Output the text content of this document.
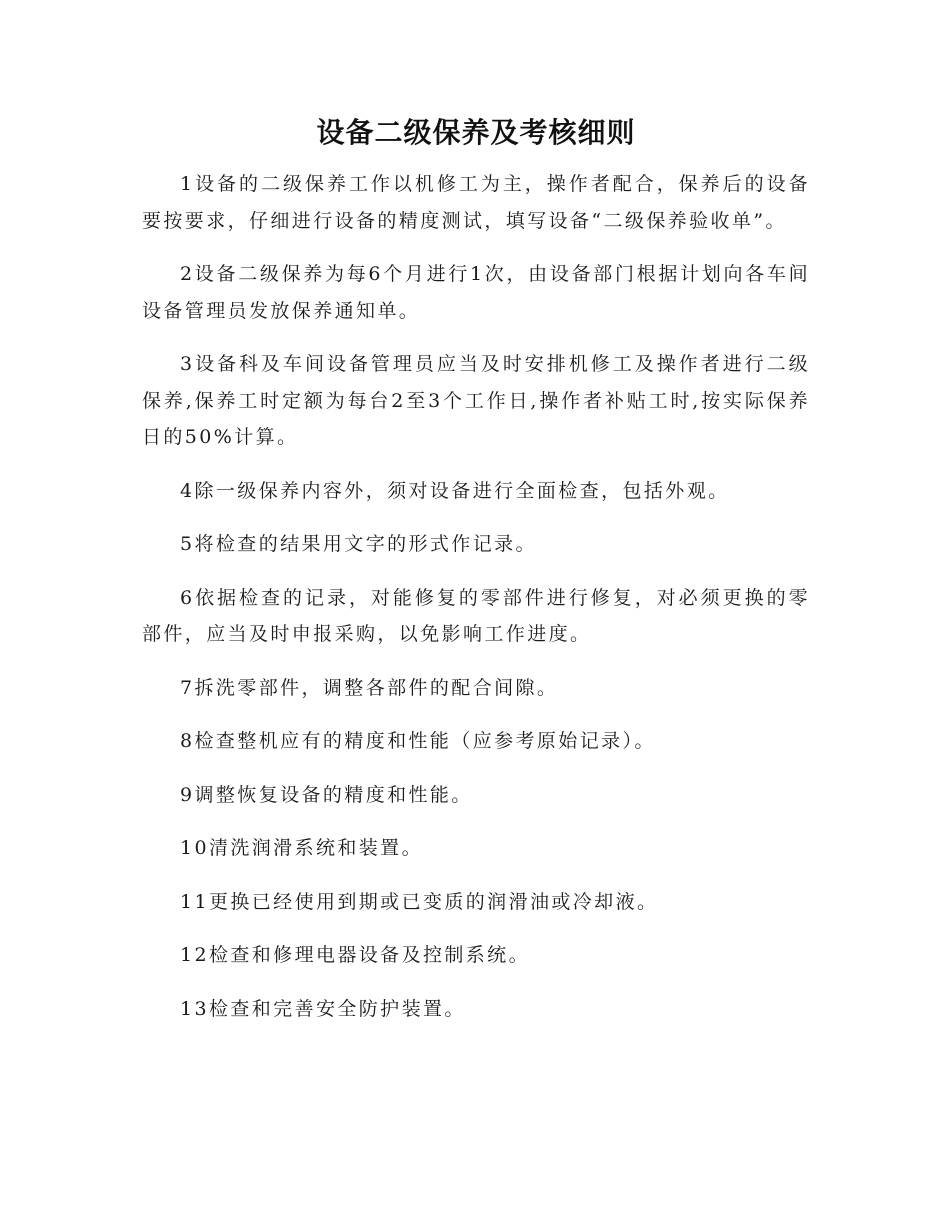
设备二级保养及考核细则

1设备的二级保养工作以机修工为主，操作者配合，保养后的设备要按要求，仔细进行设备的精度测试，填写设备“二级保养验收单”。

2设备二级保养为每6个月进行1次，由设备部门根据计划向各车间设备管理员发放保养通知单。

3设备科及车间设备管理员应当及时安排机修工及操作者进行二级保养,保养工时定额为每台2至3个工作日,操作者补贴工时,按实际保养日的50%计算。

4除一级保养内容外，须对设备进行全面检查，包括外观。

5将检查的结果用文字的形式作记录。

6依据检查的记录，对能修复的零部件进行修复，对必须更换的零部件，应当及时申报采购，以免影响工作进度。

7拆洗零部件，调整各部件的配合间隙。

8检查整机应有的精度和性能（应参考原始记录）。

9调整恢复设备的精度和性能。

10清洗润滑系统和装置。

11更换已经使用到期或已变质的润滑油或冷却液。

12检查和修理电器设备及控制系统。

13检查和完善安全防护装置。
